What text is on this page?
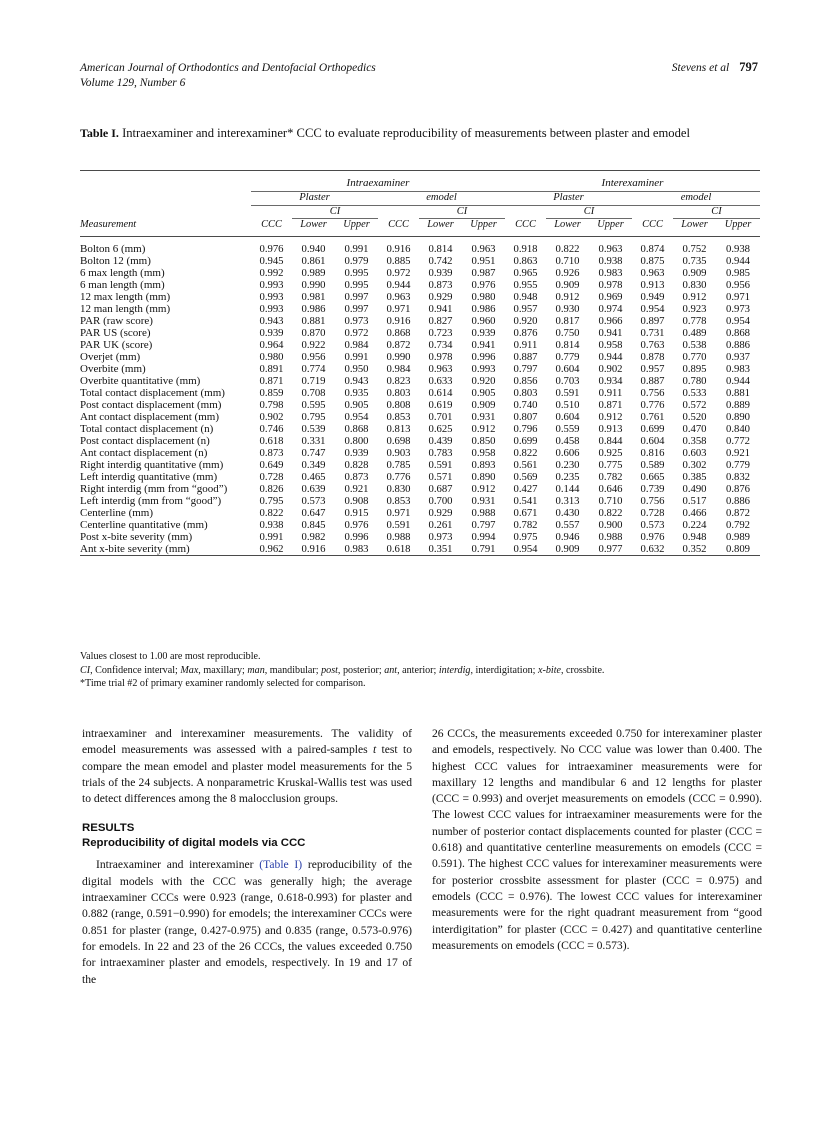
American Journal of Orthodontics and Dentofacial Orthopedics	Stevens et al 797
Volume 129, Number 6
Table I. Intraexaminer and interexaminer* CCC to evaluate reproducibility of measurements between plaster and emodel

	Intraexaminer						Interexaminer					
	Plaster			emodel			Plaster			emodel		
		CI			CI			CI			CI	
Measurement	CCC	Lower	Upper	CCC	Lower	Upper	CCC	Lower	Upper	CCC	Lower	Upper

Bolton 6 (mm)	0.976	0.940	0.991	0.916	0.814	0.963	0.918	0.822	0.963	0.874	0.752	0.938
Bolton 12 (mm)	0.945	0.861	0.979	0.885	0.742	0.951	0.863	0.710	0.938	0.875	0.735	0.944
6 max length (mm)	0.992	0.989	0.995	0.972	0.939	0.987	0.965	0.926	0.983	0.963	0.909	0.985
6 man length (mm)	0.993	0.990	0.995	0.944	0.873	0.976	0.955	0.909	0.978	0.913	0.830	0.956
12 max length (mm)	0.993	0.981	0.997	0.963	0.929	0.980	0.948	0.912	0.969	0.949	0.912	0.971
12 man length (mm)	0.993	0.986	0.997	0.971	0.941	0.986	0.957	0.930	0.974	0.954	0.923	0.973
PAR (raw score)	0.943	0.881	0.973	0.916	0.827	0.960	0.920	0.817	0.966	0.897	0.778	0.954
PAR US (score)	0.939	0.870	0.972	0.868	0.723	0.939	0.876	0.750	0.941	0.731	0.489	0.868
PAR UK (score)	0.964	0.922	0.984	0.872	0.734	0.941	0.911	0.814	0.958	0.763	0.538	0.886
Overjet (mm)	0.980	0.956	0.991	0.990	0.978	0.996	0.887	0.779	0.944	0.878	0.770	0.937
Overbite (mm)	0.891	0.774	0.950	0.984	0.963	0.993	0.797	0.604	0.902	0.957	0.895	0.983
Overbite quantitative (mm)	0.871	0.719	0.943	0.823	0.633	0.920	0.856	0.703	0.934	0.887	0.780	0.944
Total contact displacement (mm)	0.859	0.708	0.935	0.803	0.614	0.905	0.803	0.591	0.911	0.756	0.533	0.881
Post contact displacement (mm)	0.798	0.595	0.905	0.808	0.619	0.909	0.740	0.510	0.871	0.776	0.572	0.889
Ant contact displacement (mm)	0.902	0.795	0.954	0.853	0.701	0.931	0.807	0.604	0.912	0.761	0.520	0.890
Total contact displacement (n)	0.746	0.539	0.868	0.813	0.625	0.912	0.796	0.559	0.913	0.699	0.470	0.840
Post contact displacement (n)	0.618	0.331	0.800	0.698	0.439	0.850	0.699	0.458	0.844	0.604	0.358	0.772
Ant contact displacement (n)	0.873	0.747	0.939	0.903	0.783	0.958	0.822	0.606	0.925	0.816	0.603	0.921
Right interdig quantitative (mm)	0.649	0.349	0.828	0.785	0.591	0.893	0.561	0.230	0.775	0.589	0.302	0.779
Left interdig quantitative (mm)	0.728	0.465	0.873	0.776	0.571	0.890	0.569	0.235	0.782	0.665	0.385	0.832
Right interdig (mm from “good”)	0.826	0.639	0.921	0.830	0.687	0.912	0.427	0.144	0.646	0.739	0.490	0.876
Left interdig (mm from “good”)	0.795	0.573	0.908	0.853	0.700	0.931	0.541	0.313	0.710	0.756	0.517	0.886
Centerline (mm)	0.822	0.647	0.915	0.971	0.929	0.988	0.671	0.430	0.822	0.728	0.466	0.872
Centerline quantitative (mm)	0.938	0.845	0.976	0.591	0.261	0.797	0.782	0.557	0.900	0.573	0.224	0.792
Post x-bite severity (mm)	0.991	0.982	0.996	0.988	0.973	0.994	0.975	0.946	0.988	0.976	0.948	0.989
Ant x-bite severity (mm)	0.962	0.916	0.983	0.618	0.351	0.791	0.954	0.909	0.977	0.632	0.352	0.809

Values closest to 1.00 are most reproducible.
CI, Confidence interval; Max, maxillary; man, mandibular; post, posterior; ant, anterior; interdig, interdigitation; x-bite, crossbite.
*Time trial #2 of primary examiner randomly selected for comparison.

intraexaminer and interexaminer measurements. The validity of emodel measurements was assessed with a paired-samples t test to compare the mean emodel and plaster model measurements for the 5 trials of the 24 subjects. A nonparametric Kruskal-Wallis test was used to detect differences among the 8 malocclusion groups.

RESULTS
Reproducibility of digital models via CCC

Intraexaminer and interexaminer (Table I) reproducibility of the digital models with the CCC was generally high; the average intraexaminer CCCs were 0.923 (range, 0.618-0.993) for plaster and 0.882 (range, 0.591−0.990) for emodels; the interexaminer CCCs were 0.851 for plaster (range, 0.427-0.975) and 0.835 (range, 0.573-0.976) for emodels. In 22 and 23 of the 26 CCCs, the values exceeded 0.750 for intraexaminer plaster and emodels, respectively. In 19 and 17 of the

26 CCCs, the measurements exceeded 0.750 for interexaminer plaster and emodels, respectively. No CCC value was lower than 0.400. The highest CCC values for intraexaminer measurements were for maxillary 12 lengths and mandibular 6 and 12 lengths for plaster (CCC = 0.993) and overjet measurements on emodels (CCC = 0.990). The lowest CCC values for intraexaminer measurements were for the number of posterior contact displacements counted for plaster (CCC = 0.618) and quantitative centerline measurements on emodels (CCC = 0.591). The highest CCC values for interexaminer measurements were for posterior crossbite assessment for plaster (CCC = 0.975) and emodels (CCC = 0.976). The lowest CCC values for interexaminer measurements were for the right quadrant measurement from “good interdigitation” for plaster (CCC = 0.427) and quantitative centerline measurements on emodels (CCC = 0.573).
